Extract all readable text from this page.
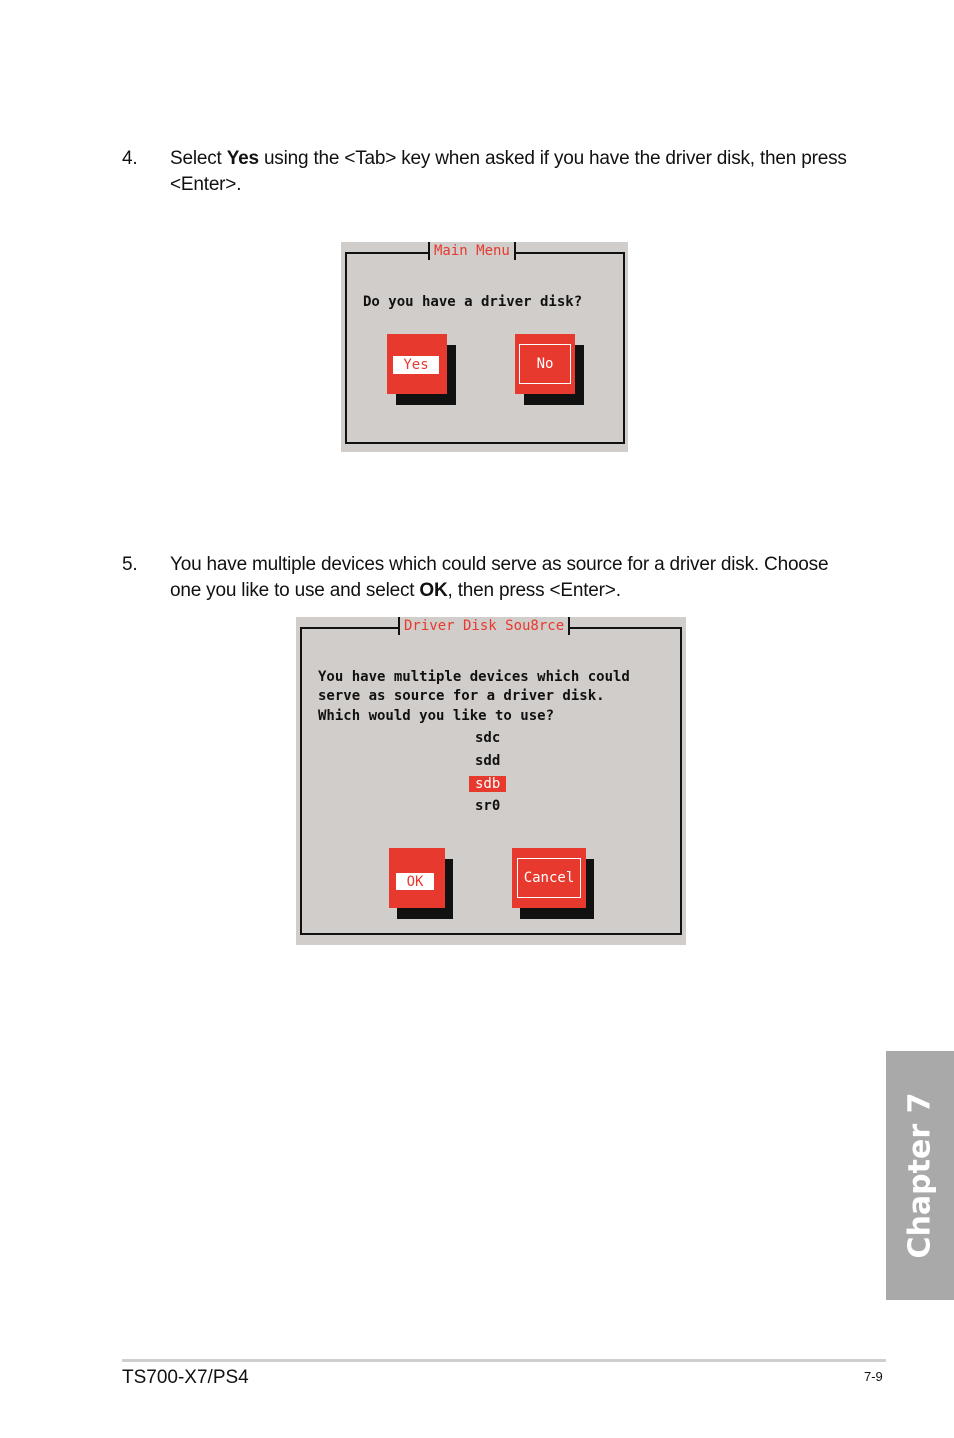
4. Select Yes using the <Tab> key when asked if you have the driver disk, then press <Enter>.
Main Menu
Do you have a driver disk?
Yes	No
5. You have multiple devices which could serve as source for a driver disk. Choose one you like to use and select OK, then press <Enter>.
Driver Disk Sou8rce
You have multiple devices which could
serve as source for a driver disk.
Which would you like to use?
sdc
sdd
sdb
sr0
OK	Cancel
Chapter 7
TS700-X7/PS4	7-9
